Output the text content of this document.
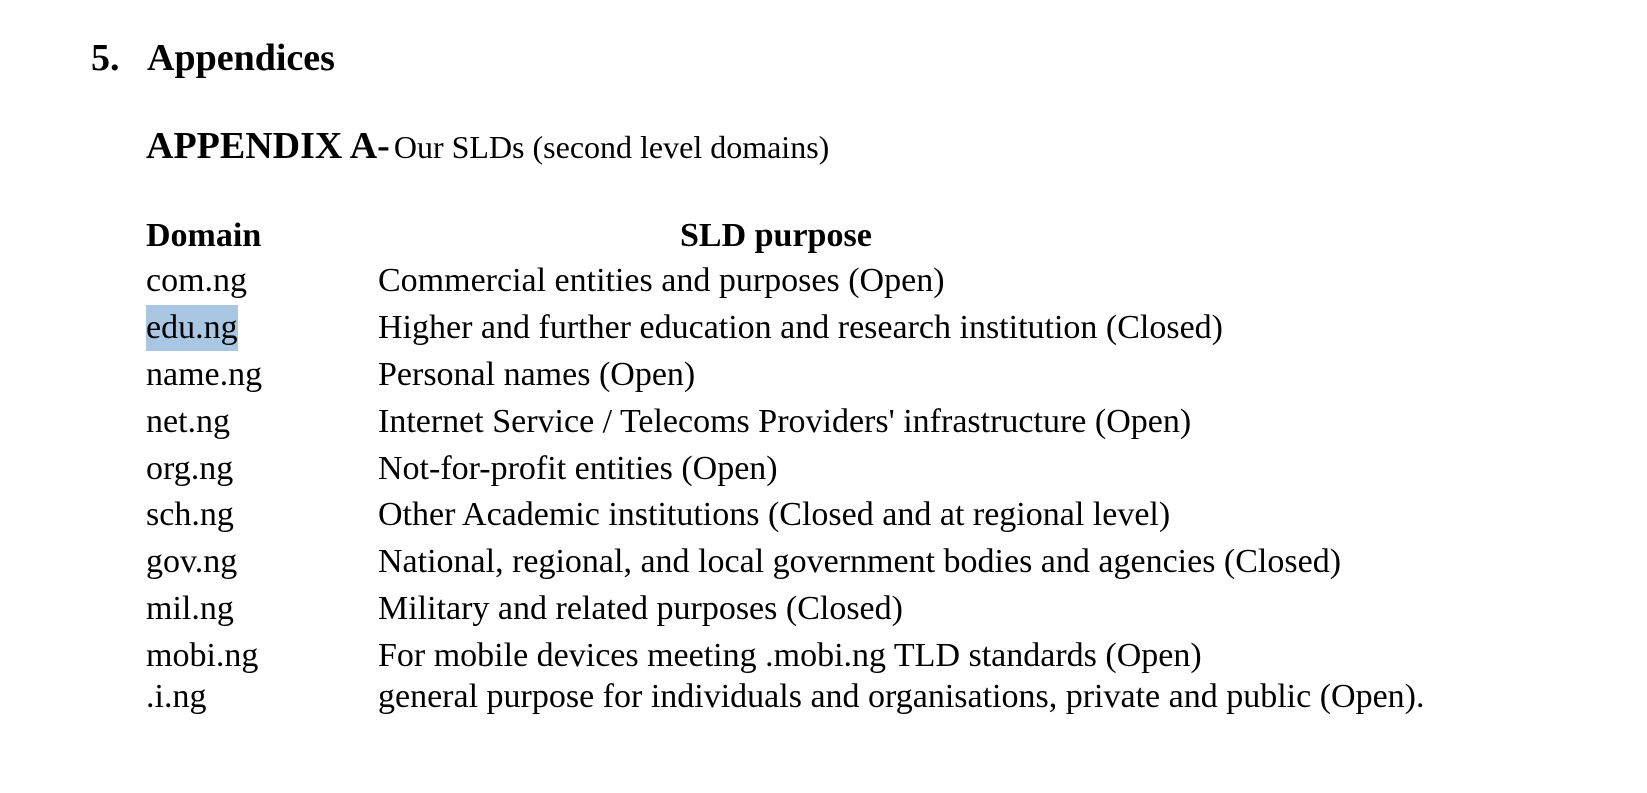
5. Appendices
APPENDIX A- Our SLDs (second level domains)
Domain	SLD purpose
com.ng	Commercial entities and purposes (Open)
edu.ng	Higher and further education and research institution (Closed)
name.ng	Personal names (Open)
net.ng	Internet Service / Telecoms Providers' infrastructure (Open)
org.ng	Not-for-profit entities (Open)
sch.ng	Other Academic institutions (Closed and at regional level)
gov.ng	National, regional, and local government bodies and agencies (Closed)
mil.ng	Military and related purposes (Closed)
mobi.ng	For mobile devices meeting .mobi.ng TLD standards (Open)
.i.ng	general purpose for individuals and organisations, private and public (Open).
